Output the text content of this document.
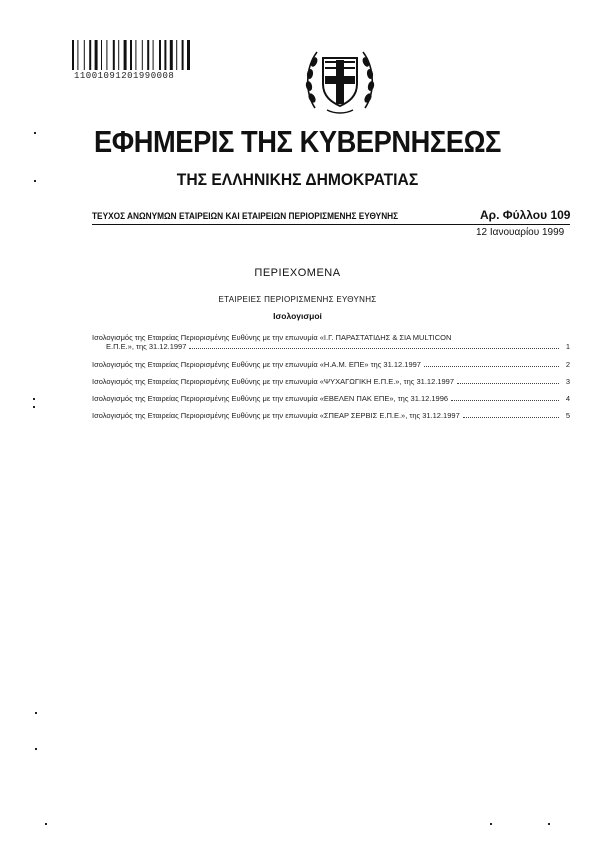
11001091201990008
ΕΦΗΜΕΡΙΣ ΤΗΣ ΚΥΒΕΡΝΗΣΕΩΣ
ΤΗΣ ΕΛΛΗΝΙΚΗΣ ΔΗΜΟΚΡΑΤΙΑΣ
ΤΕΥΧΟΣ ΑΝΩΝΥΜΩΝ ΕΤΑΙΡΕΙΩΝ ΚΑΙ ΕΤΑΙΡΕΙΩΝ ΠΕΡΙΟΡΙΣΜΕΝΗΣ ΕΥΘΥΝΗΣ	Αρ. Φύλλου 109
12 Ιανουαρίου 1999
ΠΕΡΙΕΧΟΜΕΝΑ
ΕΤΑΙΡΕΙΕΣ ΠΕΡΙΟΡΙΣΜΕΝΗΣ ΕΥΘΥΝΗΣ
Ισολογισμοί
Ισολογισμός της Εταιρείας Περιορισμένης Ευθύνης με την επωνυμία «Ι.Γ. ΠΑΡΑΣΤΑΤΙΔΗΣ & ΣΙΑ MULTICON
Ε.Π.Ε.», της 31.12.1997	1
Ισολογισμός της Εταιρείας Περιορισμένης Ευθύνης με την επωνυμία «Η.Α.Μ. ΕΠΕ» της 31.12.1997	2
Ισολογισμός της Εταιρείας Περιορισμένης Ευθύνης με την επωνυμία «ΨΥΧΑΓΩΓΙΚΗ Ε.Π.Ε.», της 31.12.1997	3
Ισολογισμός της Εταιρείας Περιορισμένης Ευθύνης με την επωνυμία «ΕΒΕΛΕΝ ΠΑΚ ΕΠΕ», της 31.12.1996	4
Ισολογισμός της Εταιρείας Περιορισμένης Ευθύνης με την επωνυμία «ΣΠΕΑΡ ΣΕΡΒΙΣ Ε.Π.Ε.», της 31.12.1997	5
